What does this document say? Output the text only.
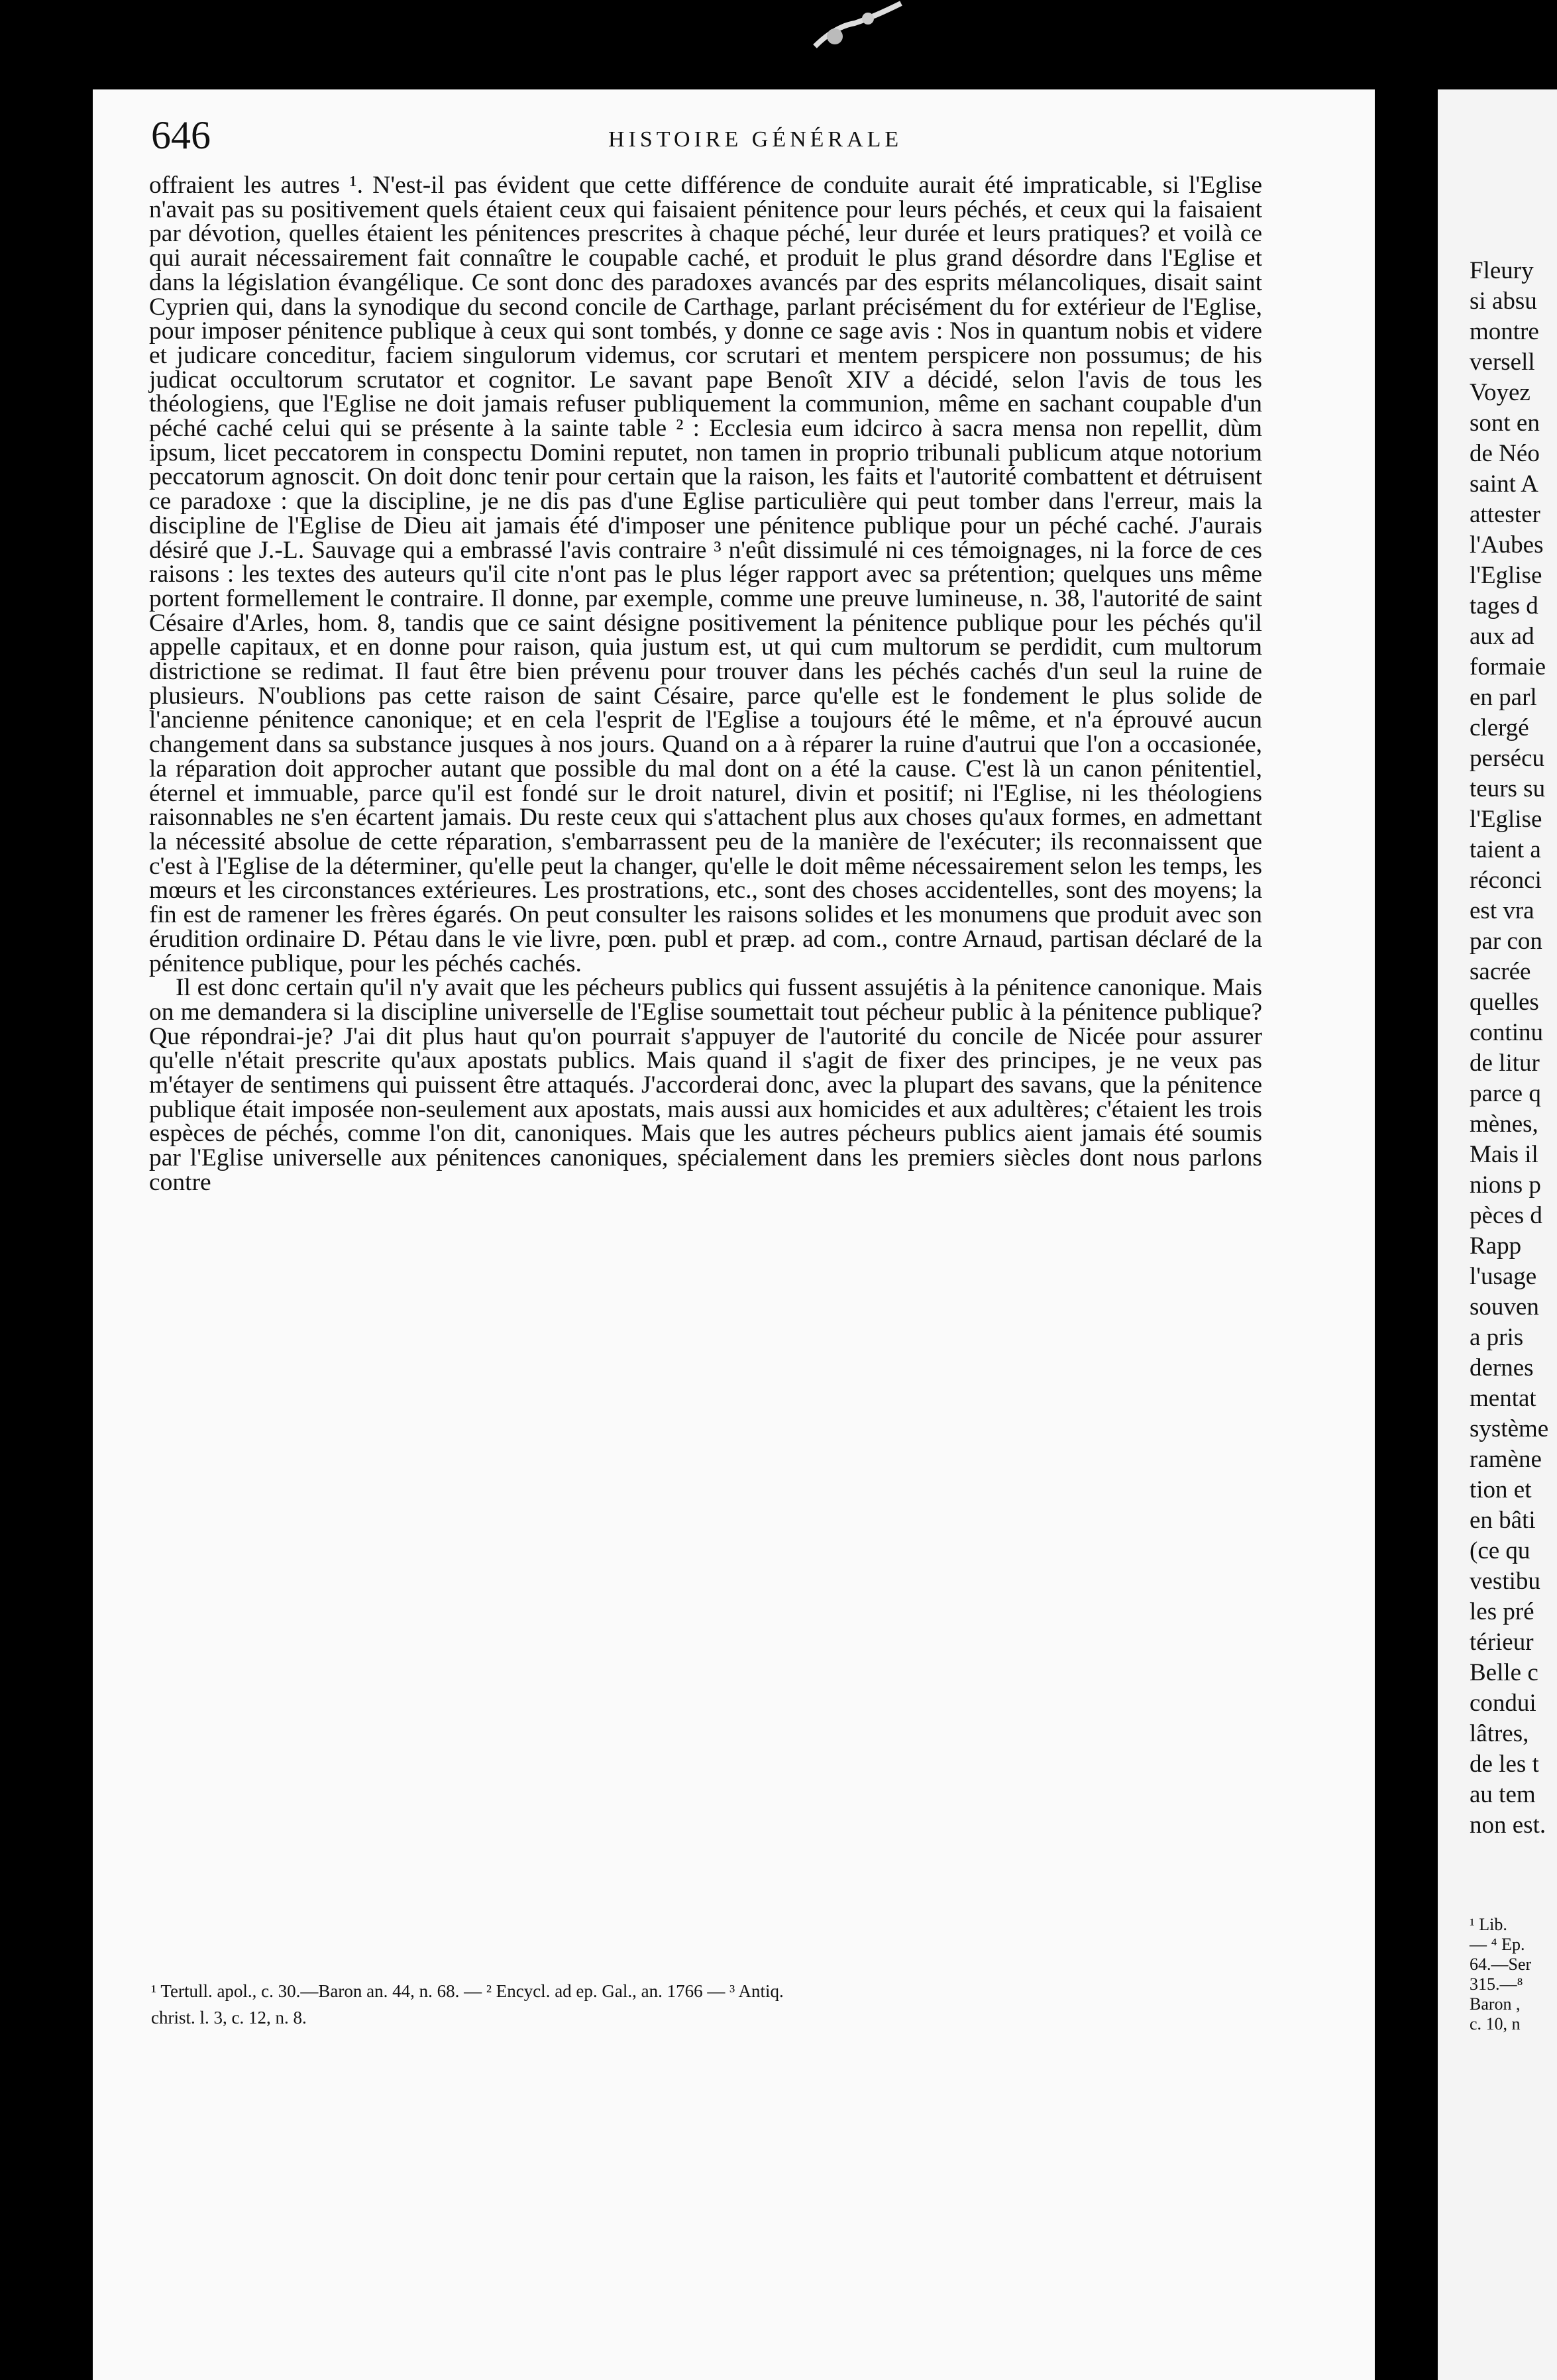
646	HISTOIRE GÉNÉRALE

offraient les autres ¹. N'est-il pas évident que cette différence de conduite aurait été impraticable, si l'Eglise n'avait pas su positivement quels étaient ceux qui faisaient pénitence pour leurs péchés, et ceux qui la faisaient par dévotion, quelles étaient les pénitences prescrites à chaque péché, leur durée et leurs pratiques? et voilà ce qui aurait nécessairement fait connaître le coupable caché, et produit le plus grand désordre dans l'Eglise et dans la législation évangélique. Ce sont donc des paradoxes avancés par des esprits mélancoliques, disait saint Cyprien qui, dans la synodique du second concile de Carthage, parlant précisément du for extérieur de l'Eglise, pour imposer pénitence publique à ceux qui sont tombés, y donne ce sage avis : Nos in quantum nobis et videre et judicare conceditur, faciem singulorum videmus, cor scrutari et mentem perspicere non possumus; de his judicat occultorum scrutator et cognitor. Le savant pape Benoît XIV a décidé, selon l'avis de tous les théologiens, que l'Eglise ne doit jamais refuser publiquement la communion, même en sachant coupable d'un péché caché celui qui se présente à la sainte table ² : Ecclesia eum idcirco à sacra mensa non repellit, dùm ipsum, licet peccatorem in conspectu Domini reputet, non tamen in proprio tribunali publicum atque notorium peccatorum agnoscit. On doit donc tenir pour certain que la raison, les faits et l'autorité combattent et détruisent ce paradoxe : que la discipline, je ne dis pas d'une Eglise particulière qui peut tomber dans l'erreur, mais la discipline de l'Eglise de Dieu ait jamais été d'imposer une pénitence publique pour un péché caché. J'aurais désiré que J.-L. Sauvage qui a embrassé l'avis contraire ³ n'eût dissimulé ni ces témoignages, ni la force de ces raisons : les textes des auteurs qu'il cite n'ont pas le plus léger rapport avec sa prétention; quelques uns même portent formellement le contraire. Il donne, par exemple, comme une preuve lumineuse, n. 38, l'autorité de saint Césaire d'Arles, hom. 8, tandis que ce saint désigne positivement la pénitence publique pour les péchés qu'il appelle capitaux, et en donne pour raison, quia justum est, ut qui cum multorum se perdidit, cum multorum districtione se redimat. Il faut être bien prévenu pour trouver dans les péchés cachés d'un seul la ruine de plusieurs. N'oublions pas cette raison de saint Césaire, parce qu'elle est le fondement le plus solide de l'ancienne pénitence canonique; et en cela l'esprit de l'Eglise a toujours été le même, et n'a éprouvé aucun changement dans sa substance jusques à nos jours. Quand on a à réparer la ruine d'autrui que l'on a occasionée, la réparation doit approcher autant que possible du mal dont on a été la cause. C'est là un canon pénitentiel, éternel et immuable, parce qu'il est fondé sur le droit naturel, divin et positif; ni l'Eglise, ni les théologiens raisonnables ne s'en écartent jamais. Du reste ceux qui s'attachent plus aux choses qu'aux formes, en admettant la nécessité absolue de cette réparation, s'embarrassent peu de la manière de l'exécuter; ils reconnaissent que c'est à l'Eglise de la déterminer, qu'elle peut la changer, qu'elle le doit même nécessairement selon les temps, les mœurs et les circonstances extérieures. Les prostrations, etc., sont des choses accidentelles, sont des moyens; la fin est de ramener les frères égarés. On peut consulter les raisons solides et les monumens que produit avec son érudition ordinaire D. Pétau dans le vie livre, pœn. publ et præp. ad com., contre Arnaud, partisan déclaré de la pénitence publique, pour les péchés cachés.

Il est donc certain qu'il n'y avait que les pécheurs publics qui fussent assujétis à la pénitence canonique. Mais on me demandera si la discipline universelle de l'Eglise soumettait tout pécheur public à la pénitence publique? Que répondrai-je? J'ai dit plus haut qu'on pourrait s'appuyer de l'autorité du concile de Nicée pour assurer qu'elle n'était prescrite qu'aux apostats publics. Mais quand il s'agit de fixer des principes, je ne veux pas m'étayer de sentimens qui puissent être attaqués. J'accorderai donc, avec la plupart des savans, que la pénitence publique était imposée non-seulement aux apostats, mais aussi aux homicides et aux adultères; c'étaient les trois espèces de péchés, comme l'on dit, canoniques. Mais que les autres pécheurs publics aient jamais été soumis par l'Eglise universelle aux pénitences canoniques, spécialement dans les premiers siècles dont nous parlons contre

¹ Tertull. apol., c. 30.—Baron an. 44, n. 68. — ² Encycl. ad ep. Gal., an. 1766 — ³ Antiq.
christ. l. 3, c. 12, n. 8.
Fleury
si absu
montre
versell
Voyez
sont en
de Néo
saint A
attester
l'Aubes
l'Eglise
tages d
aux ad
formaie
en parl
clergé
persécu
teurs su
l'Eglise
taient a
réconci
est vra
par con
sacrée
quelles
continu
de litur
parce q
mènes,
Mais il
nions p
pèces d
Rapp
l'usage
souven
a pris
dernes
mentat
système
ramène
tion et
en bâti
(ce qu
vestibu
les pré
térieur
Belle c
condui
lâtres,
de les t
au tem
non est.
¹ Lib.
— ⁴ Ep.
64.—Ser
315.—⁸
Baron ,
c. 10, n
